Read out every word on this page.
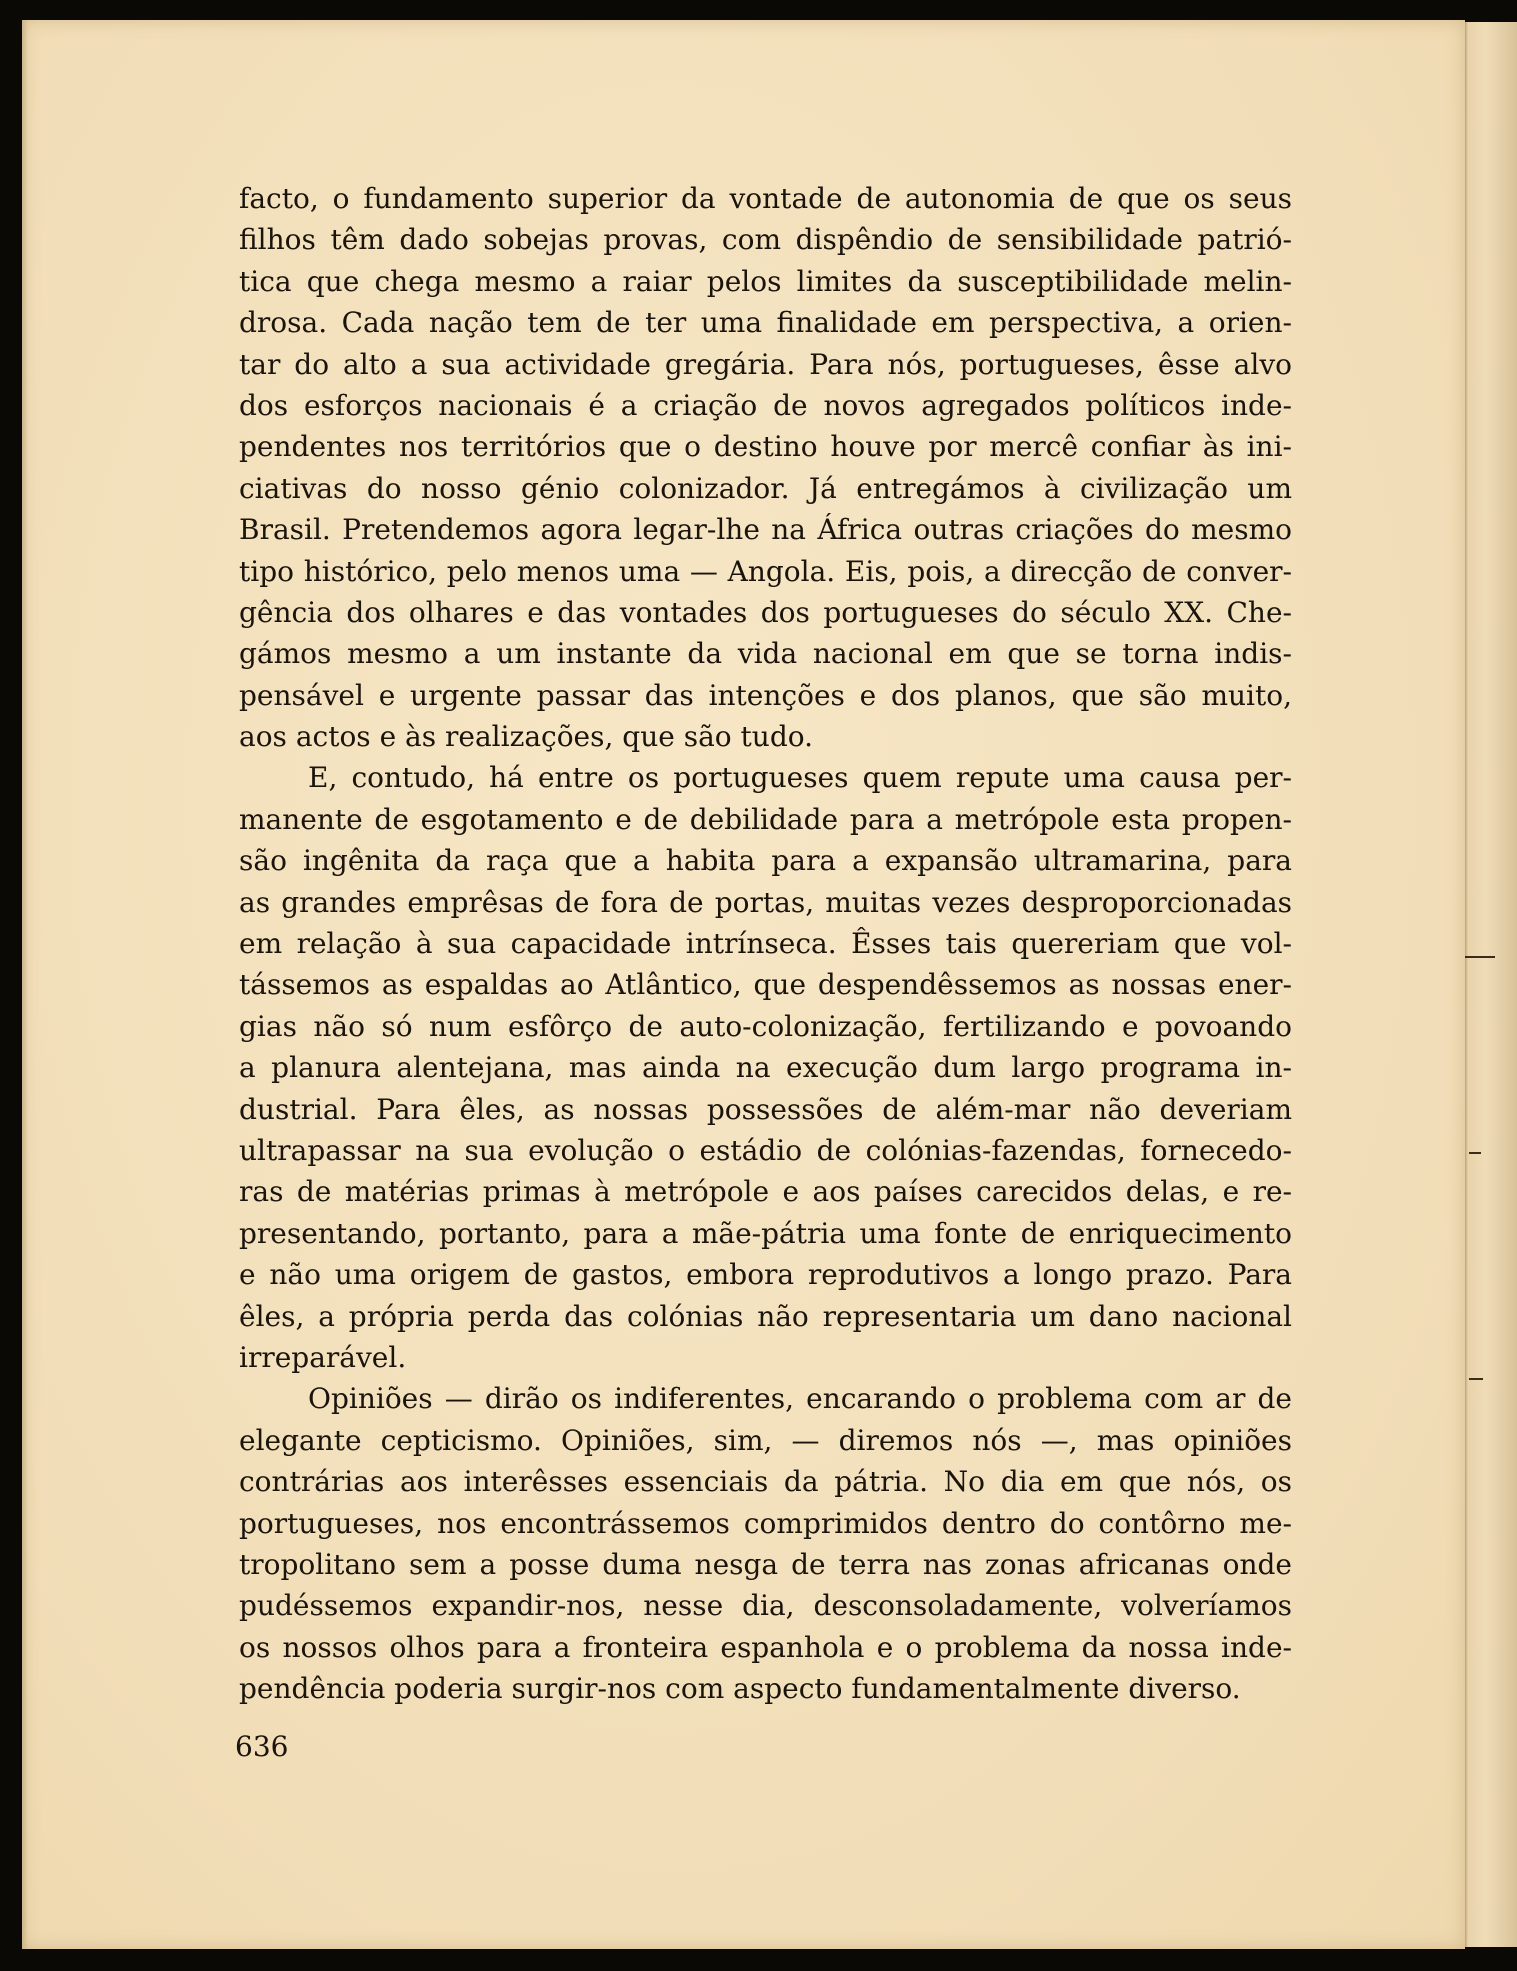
facto, o fundamento superior da vontade de autonomia de que os seus
filhos têm dado sobejas provas, com dispêndio de sensibilidade patrió-
tica que chega mesmo a raiar pelos limites da susceptibilidade melin-
drosa. Cada nação tem de ter uma finalidade em perspectiva, a orien-
tar do alto a sua actividade gregária. Para nós, portugueses, êsse alvo
dos esforços nacionais é a criação de novos agregados políticos inde-
pendentes nos territórios que o destino houve por mercê confiar às ini-
ciativas do nosso génio colonizador. Já entregámos à civilização um
Brasil. Pretendemos agora legar-lhe na África outras criações do mesmo
tipo histórico, pelo menos uma — Angola. Eis, pois, a direcção de conver-
gência dos olhares e das vontades dos portugueses do século XX. Che-
gámos mesmo a um instante da vida nacional em que se torna indis-
pensável e urgente passar das intenções e dos planos, que são muito,
aos actos e às realizações, que são tudo.
E, contudo, há entre os portugueses quem repute uma causa per-
manente de esgotamento e de debilidade para a metrópole esta propen-
são ingênita da raça que a habita para a expansão ultramarina, para
as grandes emprêsas de fora de portas, muitas vezes desproporcionadas
em relação à sua capacidade intrínseca. Êsses tais quereriam que vol-
tássemos as espaldas ao Atlântico, que despendêssemos as nossas ener-
gias não só num esfôrço de auto-colonização, fertilizando e povoando
a planura alentejana, mas ainda na execução dum largo programa in-
dustrial. Para êles, as nossas possessões de além-mar não deveriam
ultrapassar na sua evolução o estádio de colónias-fazendas, fornecedo-
ras de matérias primas à metrópole e aos países carecidos delas, e re-
presentando, portanto, para a mãe-pátria uma fonte de enriquecimento
e não uma origem de gastos, embora reprodutivos a longo prazo. Para
êles, a própria perda das colónias não representaria um dano nacional
irreparável.
Opiniões — dirão os indiferentes, encarando o problema com ar de
elegante cepticismo. Opiniões, sim, — diremos nós —, mas opiniões
contrárias aos interêsses essenciais da pátria. No dia em que nós, os
portugueses, nos encontrássemos comprimidos dentro do contôrno me-
tropolitano sem a posse duma nesga de terra nas zonas africanas onde
pudéssemos expandir-nos, nesse dia, desconsoladamente, volveríamos
os nossos olhos para a fronteira espanhola e o problema da nossa inde-
pendência poderia surgir-nos com aspecto fundamentalmente diverso.
636
